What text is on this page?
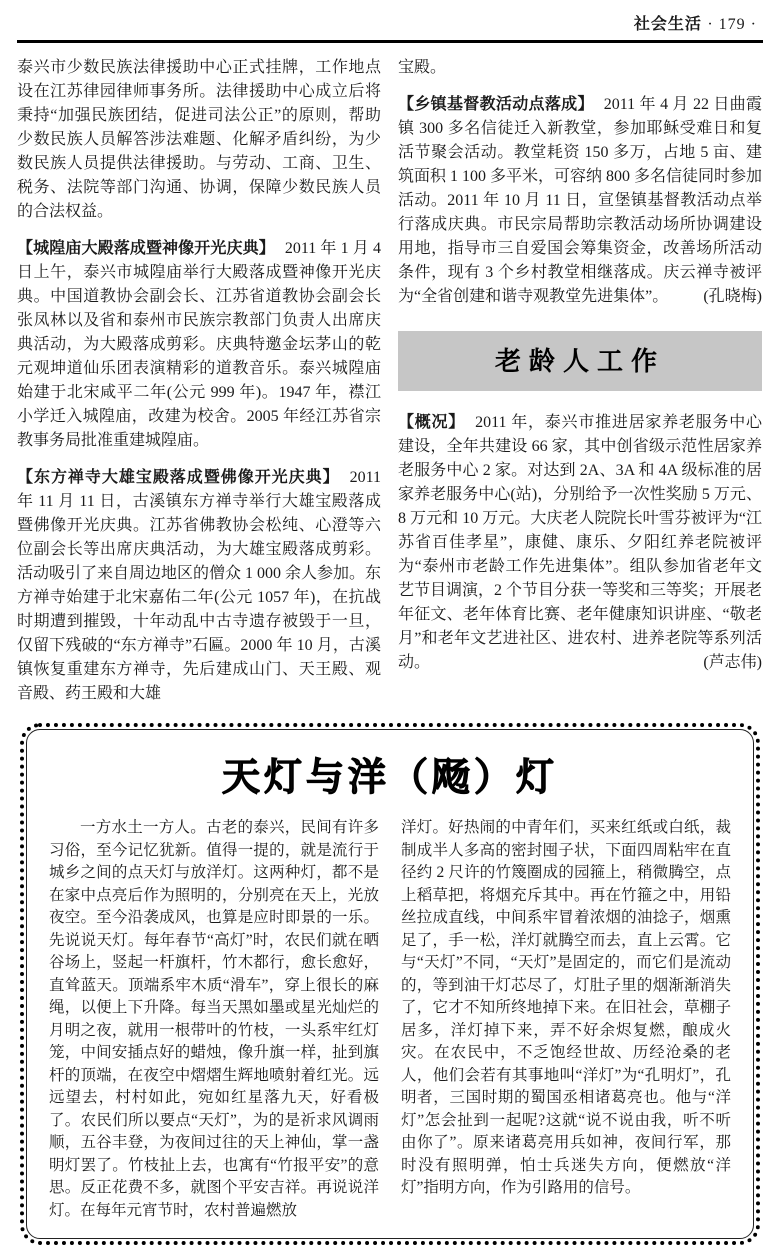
社会生活 · 179 ·

泰兴市少数民族法律援助中心正式挂牌，工作地点设在江苏律园律师事务所。法律援助中心成立后将秉持“加强民族团结，促进司法公正”的原则，帮助少数民族人员解答涉法难题、化解矛盾纠纷，为少数民族人员提供法律援助。与劳动、工商、卫生、税务、法院等部门沟通、协调，保障少数民族人员的合法权益。

【城隍庙大殿落成暨神像开光庆典】 2011 年 1 月 4 日上午，泰兴市城隍庙举行大殿落成暨神像开光庆典。中国道教协会副会长、江苏省道教协会副会长张凤林以及省和泰州市民族宗教部门负责人出席庆典活动，为大殿落成剪彩。庆典特邀金坛茅山的乾元观坤道仙乐团表演精彩的道教音乐。泰兴城隍庙始建于北宋咸平二年(公元 999 年)。1947 年，襟江小学迁入城隍庙，改建为校舍。2005 年经江苏省宗教事务局批准重建城隍庙。

【东方禅寺大雄宝殿落成暨佛像开光庆典】 2011 年 11 月 11 日，古溪镇东方禅寺举行大雄宝殿落成暨佛像开光庆典。江苏省佛教协会松纯、心澄等六位副会长等出席庆典活动，为大雄宝殿落成剪彩。活动吸引了来自周边地区的僧众 1 000 余人参加。东方禅寺始建于北宋嘉佑二年(公元 1057 年)，在抗战时期遭到摧毁，十年动乱中古寺遗存被毁于一旦，仅留下残破的“东方禅寺”石匾。2000 年 10 月，古溪镇恢复重建东方禅寺，先后建成山门、天王殿、观音殿、药王殿和大雄

宝殿。

【乡镇基督教活动点落成】 2011 年 4 月 22 日曲霞镇 300 多名信徒迁入新教堂，参加耶稣受难日和复活节聚会活动。教堂耗资 150 多万，占地 5 亩、建筑面积 1 100 多平米，可容纳 800 多名信徒同时参加活动。2011 年 10 月 11 日，宣堡镇基督教活动点举行落成庆典。市民宗局帮助宗教活动场所协调建设用地，指导市三自爱国会筹集资金，改善场所活动条件，现有 3 个乡村教堂相继落成。庆云禅寺被评为“全省创建和谐寺观教堂先进集体”。 (孔晓梅)

老龄人工作

【概况】 2011 年，泰兴市推进居家养老服务中心建设，全年共建设 66 家，其中创省级示范性居家养老服务中心 2 家。对达到 2A、3A 和 4A 级标准的居家养老服务中心(站)，分别给予一次性奖励 5 万元、8 万元和 10 万元。大庆老人院院长叶雪芬被评为“江苏省百佳孝星”，康健、康乐、夕阳红养老院被评为“泰州市老龄工作先进集体”。组队参加省老年文艺节目调演，2 个节目分获一等奖和三等奖；开展老年征文、老年体育比赛、老年健康知识讲座、“敬老月”和老年文艺进社区、进农村、进养老院等系列活动。	(芦志伟)

天灯与洋（飏）灯
一方水土一方人。古老的泰兴，民间有许多习俗，至今记忆犹新。值得一提的，就是流行于城乡之间的点天灯与放洋灯。这两种灯，都不是在家中点亮后作为照明的，分别亮在天上，光放夜空。至今沿袭成风，也算是应时即景的一乐。先说说天灯。每年春节“高灯”时，农民们就在晒谷场上，竖起一杆旗杆，竹木都行，愈长愈好，直耸蓝天。顶端系牢木质“滑车”，穿上很长的麻绳，以便上下升降。每当天黑如墨或星光灿烂的月明之夜，就用一根带叶的竹枝，一头系牢红灯笼，中间安插点好的蜡烛，像升旗一样，扯到旗杆的顶端，在夜空中熠熠生辉地喷射着红光。远远望去，村村如此，宛如红星落九天，好看极了。农民们所以要点“天灯”，为的是祈求风调雨顺，五谷丰登，为夜间过往的天上神仙，掌一盏明灯罢了。竹枝扯上去，也寓有“竹报平安”的意思。反正花费不多，就图个平安吉祥。再说说洋灯。在每年元宵节时，农村普遍燃放
洋灯。好热闹的中青年们，买来红纸或白纸，裁制成半人多高的密封囤子状，下面四周粘牢在直径约 2 尺许的竹篾圈成的园箍上，稍微腾空，点上稻草把，将烟充斥其中。再在竹箍之中，用铅丝拉成直线，中间系牢冒着浓烟的油捻子，烟熏足了，手一松，洋灯就腾空而去，直上云霄。它与“天灯”不同，“天灯”是固定的，而它们是流动的，等到油干灯芯尽了，灯肚子里的烟渐渐消失了，它才不知所终地掉下来。在旧社会，草棚子居多，洋灯掉下来，弄不好余烬复燃，酿成火灾。在农民中，不乏饱经世故、历经沧桑的老人，他们会若有其事地叫“洋灯”为“孔明灯”，孔明者，三国时期的蜀国丞相诸葛亮也。他与“洋灯”怎会扯到一起呢?这就“说不说由我，听不听由你了”。原来诸葛亮用兵如神，夜间行军，那时没有照明弹，怕士兵迷失方向，便燃放“洋灯”指明方向，作为引路用的信号。
